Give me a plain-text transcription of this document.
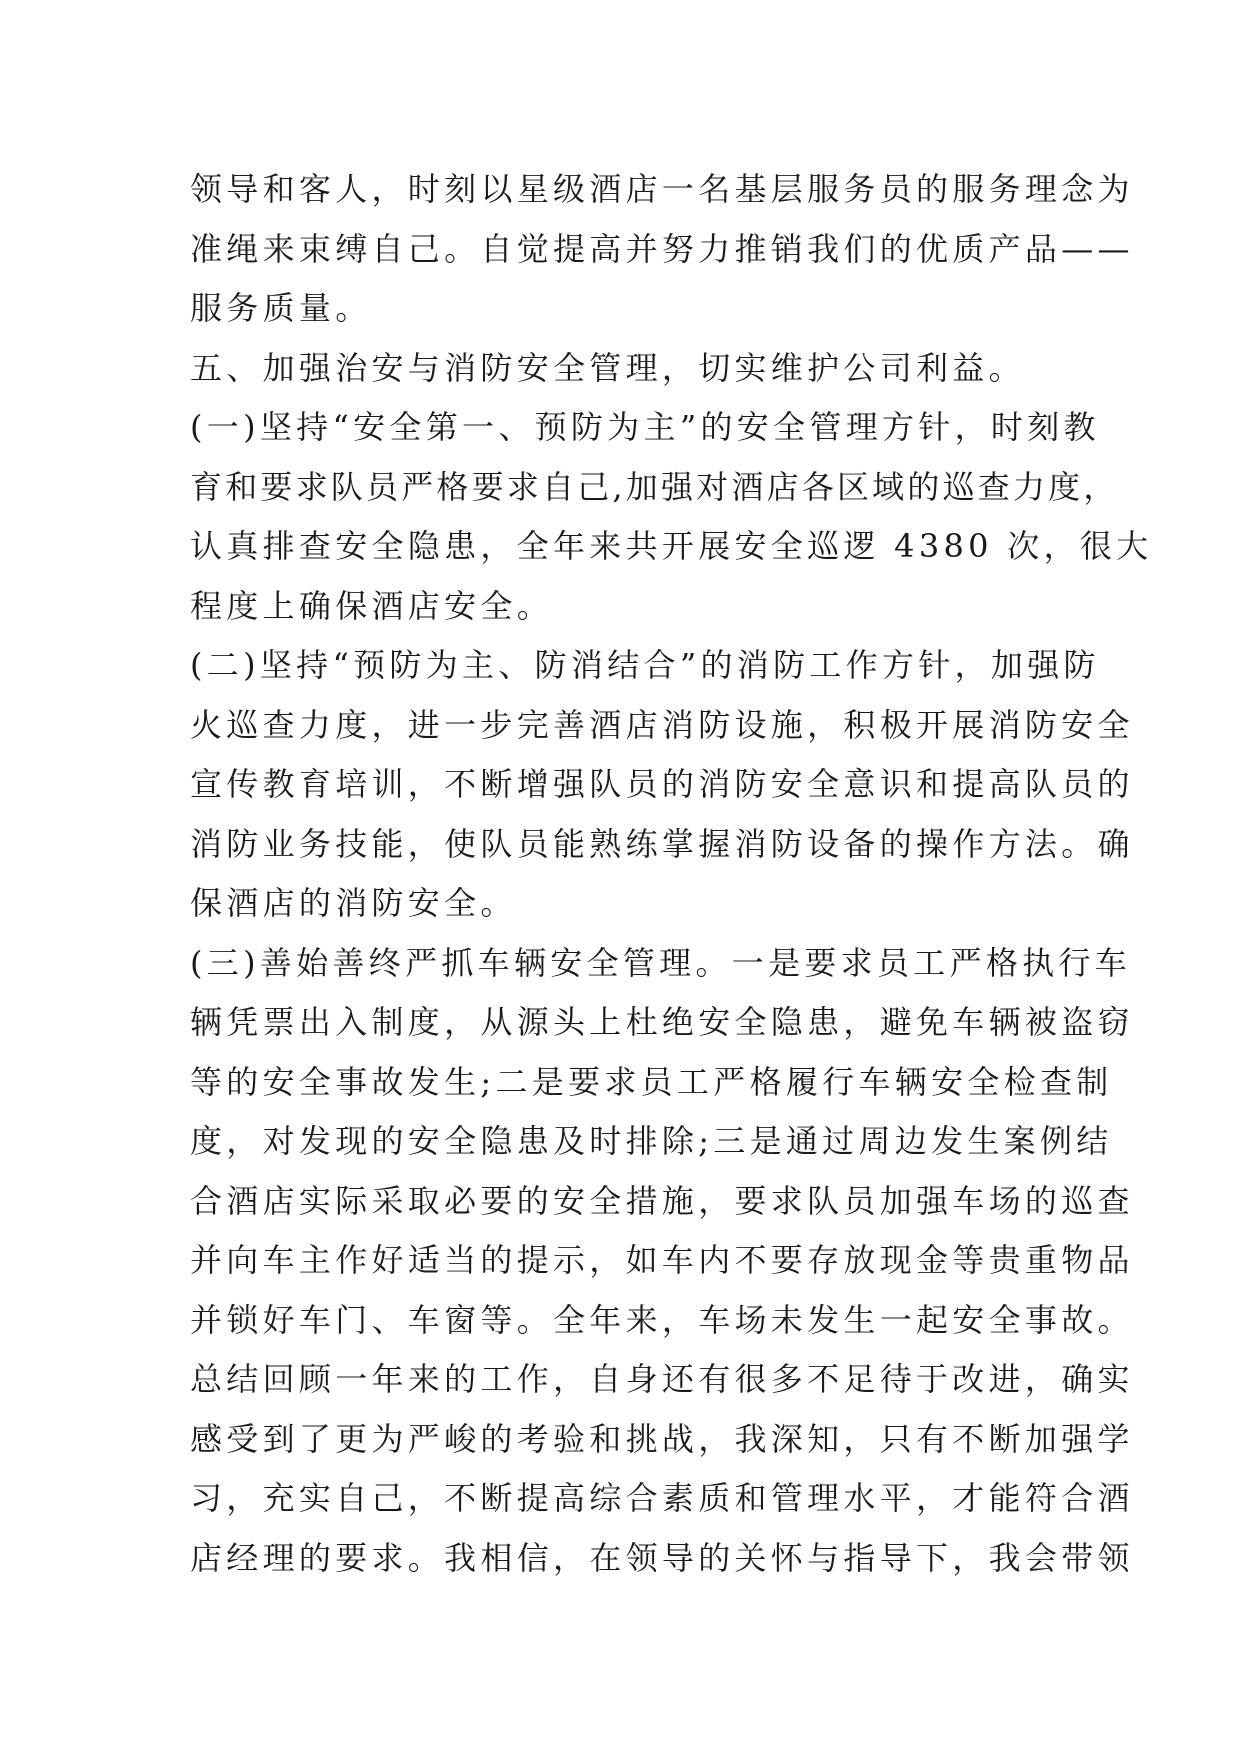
领导和客人，时刻以星级酒店一名基层服务员的服务理念为
准绳来束缚自己。自觉提高并努力推销我们的优质产品——
服务质量。
五、加强治安与消防安全管理，切实维护公司利益。
(一)坚持“安全第一、预防为主”的安全管理方针，时刻教
育和要求队员严格要求自己,加强对酒店各区域的巡查力度，
认真排查安全隐患，全年来共开展安全巡逻 4380 次，很大
程度上确保酒店安全。
(二)坚持“预防为主、防消结合”的消防工作方针，加强防
火巡查力度，进一步完善酒店消防设施，积极开展消防安全
宣传教育培训，不断增强队员的消防安全意识和提高队员的
消防业务技能，使队员能熟练掌握消防设备的操作方法。确
保酒店的消防安全。
(三)善始善终严抓车辆安全管理。一是要求员工严格执行车
辆凭票出入制度，从源头上杜绝安全隐患，避免车辆被盗窃
等的安全事故发生;二是要求员工严格履行车辆安全检查制
度，对发现的安全隐患及时排除;三是通过周边发生案例结
合酒店实际采取必要的安全措施，要求队员加强车场的巡查
并向车主作好适当的提示，如车内不要存放现金等贵重物品
并锁好车门、车窗等。全年来，车场未发生一起安全事故。
总结回顾一年来的工作，自身还有很多不足待于改进，确实
感受到了更为严峻的考验和挑战，我深知，只有不断加强学
习，充实自己，不断提高综合素质和管理水平，才能符合酒
店经理的要求。我相信，在领导的关怀与指导下，我会带领
